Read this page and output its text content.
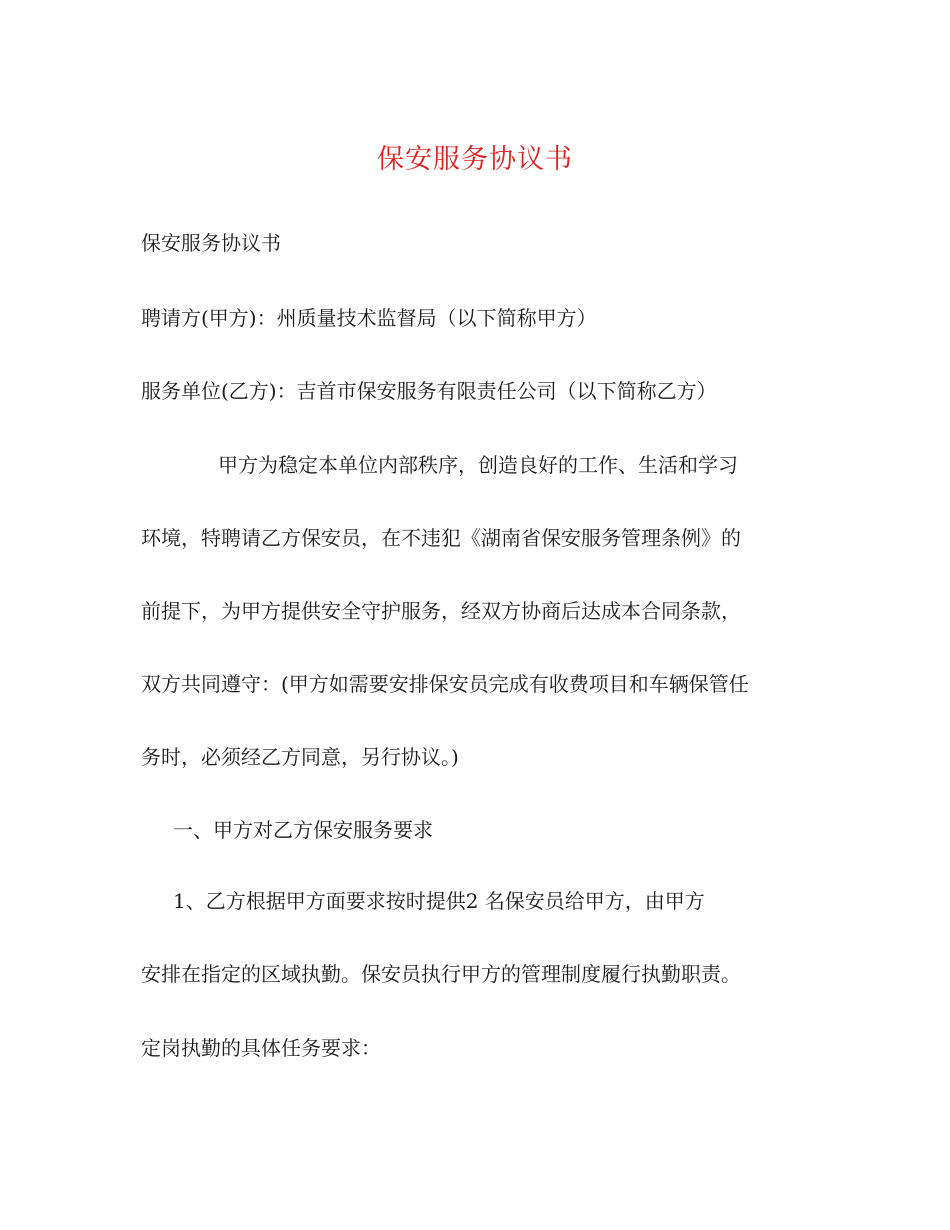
保安服务协议书

保安服务协议书

聘请方(甲方)：州质量技术监督局（以下简称甲方）

服务单位(乙方)：吉首市保安服务有限责任公司（以下简称乙方）

甲方为稳定本单位内部秩序，创造良好的工作、生活和学习

环境，特聘请乙方保安员，在不违犯《湖南省保安服务管理条例》的

前提下，为甲方提供安全守护服务，经双方协商后达成本合同条款，

双方共同遵守：(甲方如需要安排保安员完成有收费项目和车辆保管任

务时，必须经乙方同意，另行协议。)

一、甲方对乙方保安服务要求

1、乙方根据甲方面要求按时提供2 名保安员给甲方，由甲方

安排在指定的区域执勤。保安员执行甲方的管理制度履行执勤职责。

定岗执勤的具体任务要求：
